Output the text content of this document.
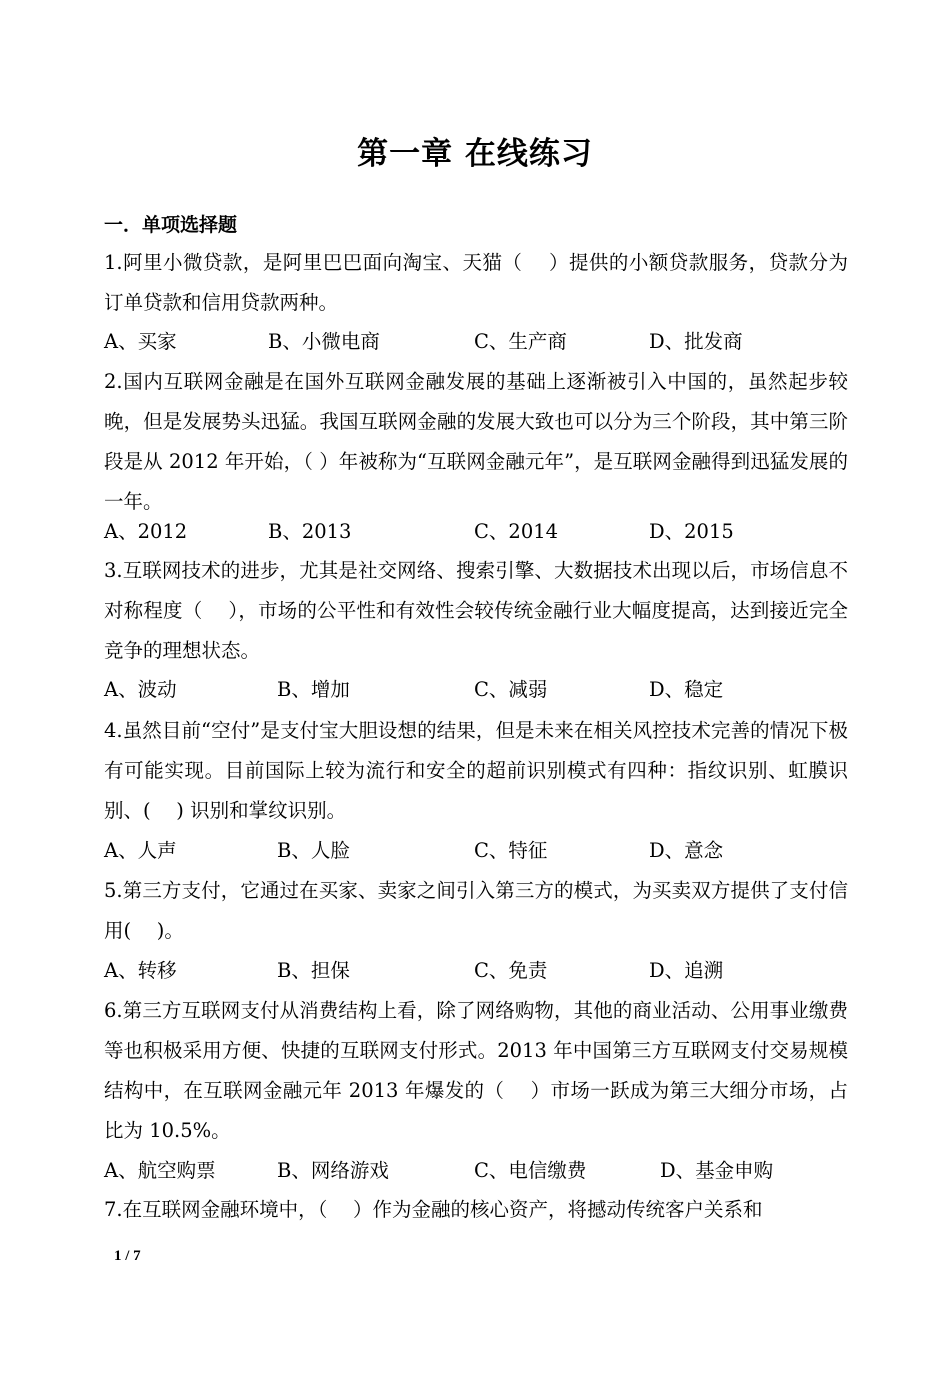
第一章 在线练习
一．单项选择题
1.阿里小微贷款，是阿里巴巴面向淘宝、天猫（　 ）提供的小额贷款服务，贷款分为订单贷款和信用贷款两种。
A、买家	B、小微电商	C、生产商	D、批发商
2.国内互联网金融是在国外互联网金融发展的基础上逐渐被引入中国的，虽然起步较晚，但是发展势头迅猛。我国互联网金融的发展大致也可以分为三个阶段，其中第三阶段是从 2012 年开始，（ ）年被称为“互联网金融元年”，是互联网金融得到迅猛发展的一年。
A、2012	B、2013	C、2014	D、2015
3.互联网技术的进步，尤其是社交网络、搜索引擎、大数据技术出现以后，市场信息不对称程度（　 ），市场的公平性和有效性会较传统金融行业大幅度提高，达到接近完全竞争的理想状态。
A、波动	B、增加	C、减弱	D、稳定
4.虽然目前“空付”是支付宝大胆设想的结果，但是未来在相关风控技术完善的情况下极有可能实现。目前国际上较为流行和安全的超前识别模式有四种：指纹识别、虹膜识别、(　 ) 识别和掌纹识别。
A、人声	B、人脸	C、特征	D、意念
5.第三方支付，它通过在买家、卖家之间引入第三方的模式，为买卖双方提供了支付信用(　 )。
A、转移	B、担保	C、免责	D、追溯
6.第三方互联网支付从消费结构上看，除了网络购物，其他的商业活动、公用事业缴费等也积极采用方便、快捷的互联网支付形式。2013 年中国第三方互联网支付交易规模结构中，在互联网金融元年 2013 年爆发的（　 ）市场一跃成为第三大细分市场，占比为 10.5%。
A、航空购票	B、网络游戏	C、电信缴费	D、基金申购
7.在互联网金融环境中，（　 ）作为金融的核心资产，将撼动传统客户关系和
1 / 7
